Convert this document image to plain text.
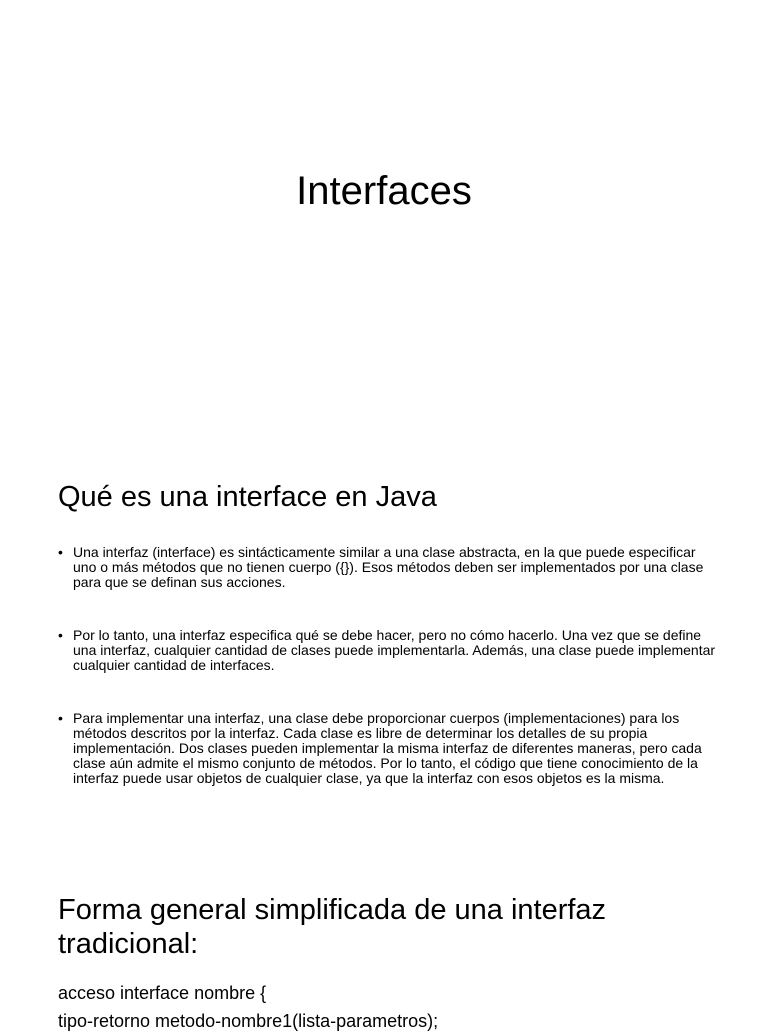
Interfaces
Qué es una interface en Java
• Una interfaz (interface) es sintácticamente similar a una clase abstracta, en la que puede especificar uno o más métodos que no tienen cuerpo ({}). Esos métodos deben ser implementados por una clase para que se definan sus acciones.
• Por lo tanto, una interfaz especifica qué se debe hacer, pero no cómo hacerlo. Una vez que se define una interfaz, cualquier cantidad de clases puede implementarla. Además, una clase puede implementar cualquier cantidad de interfaces.
• Para implementar una interfaz, una clase debe proporcionar cuerpos (implementaciones) para los métodos descritos por la interfaz. Cada clase es libre de determinar los detalles de su propia implementación. Dos clases pueden implementar la misma interfaz de diferentes maneras, pero cada clase aún admite el mismo conjunto de métodos. Por lo tanto, el código que tiene conocimiento de la interfaz puede usar objetos de cualquier clase, ya que la interfaz con esos objetos es la misma.
Forma general simplificada de una interfaz tradicional:

acceso interface nombre {

tipo-retorno metodo-nombre1(lista-parametros);
